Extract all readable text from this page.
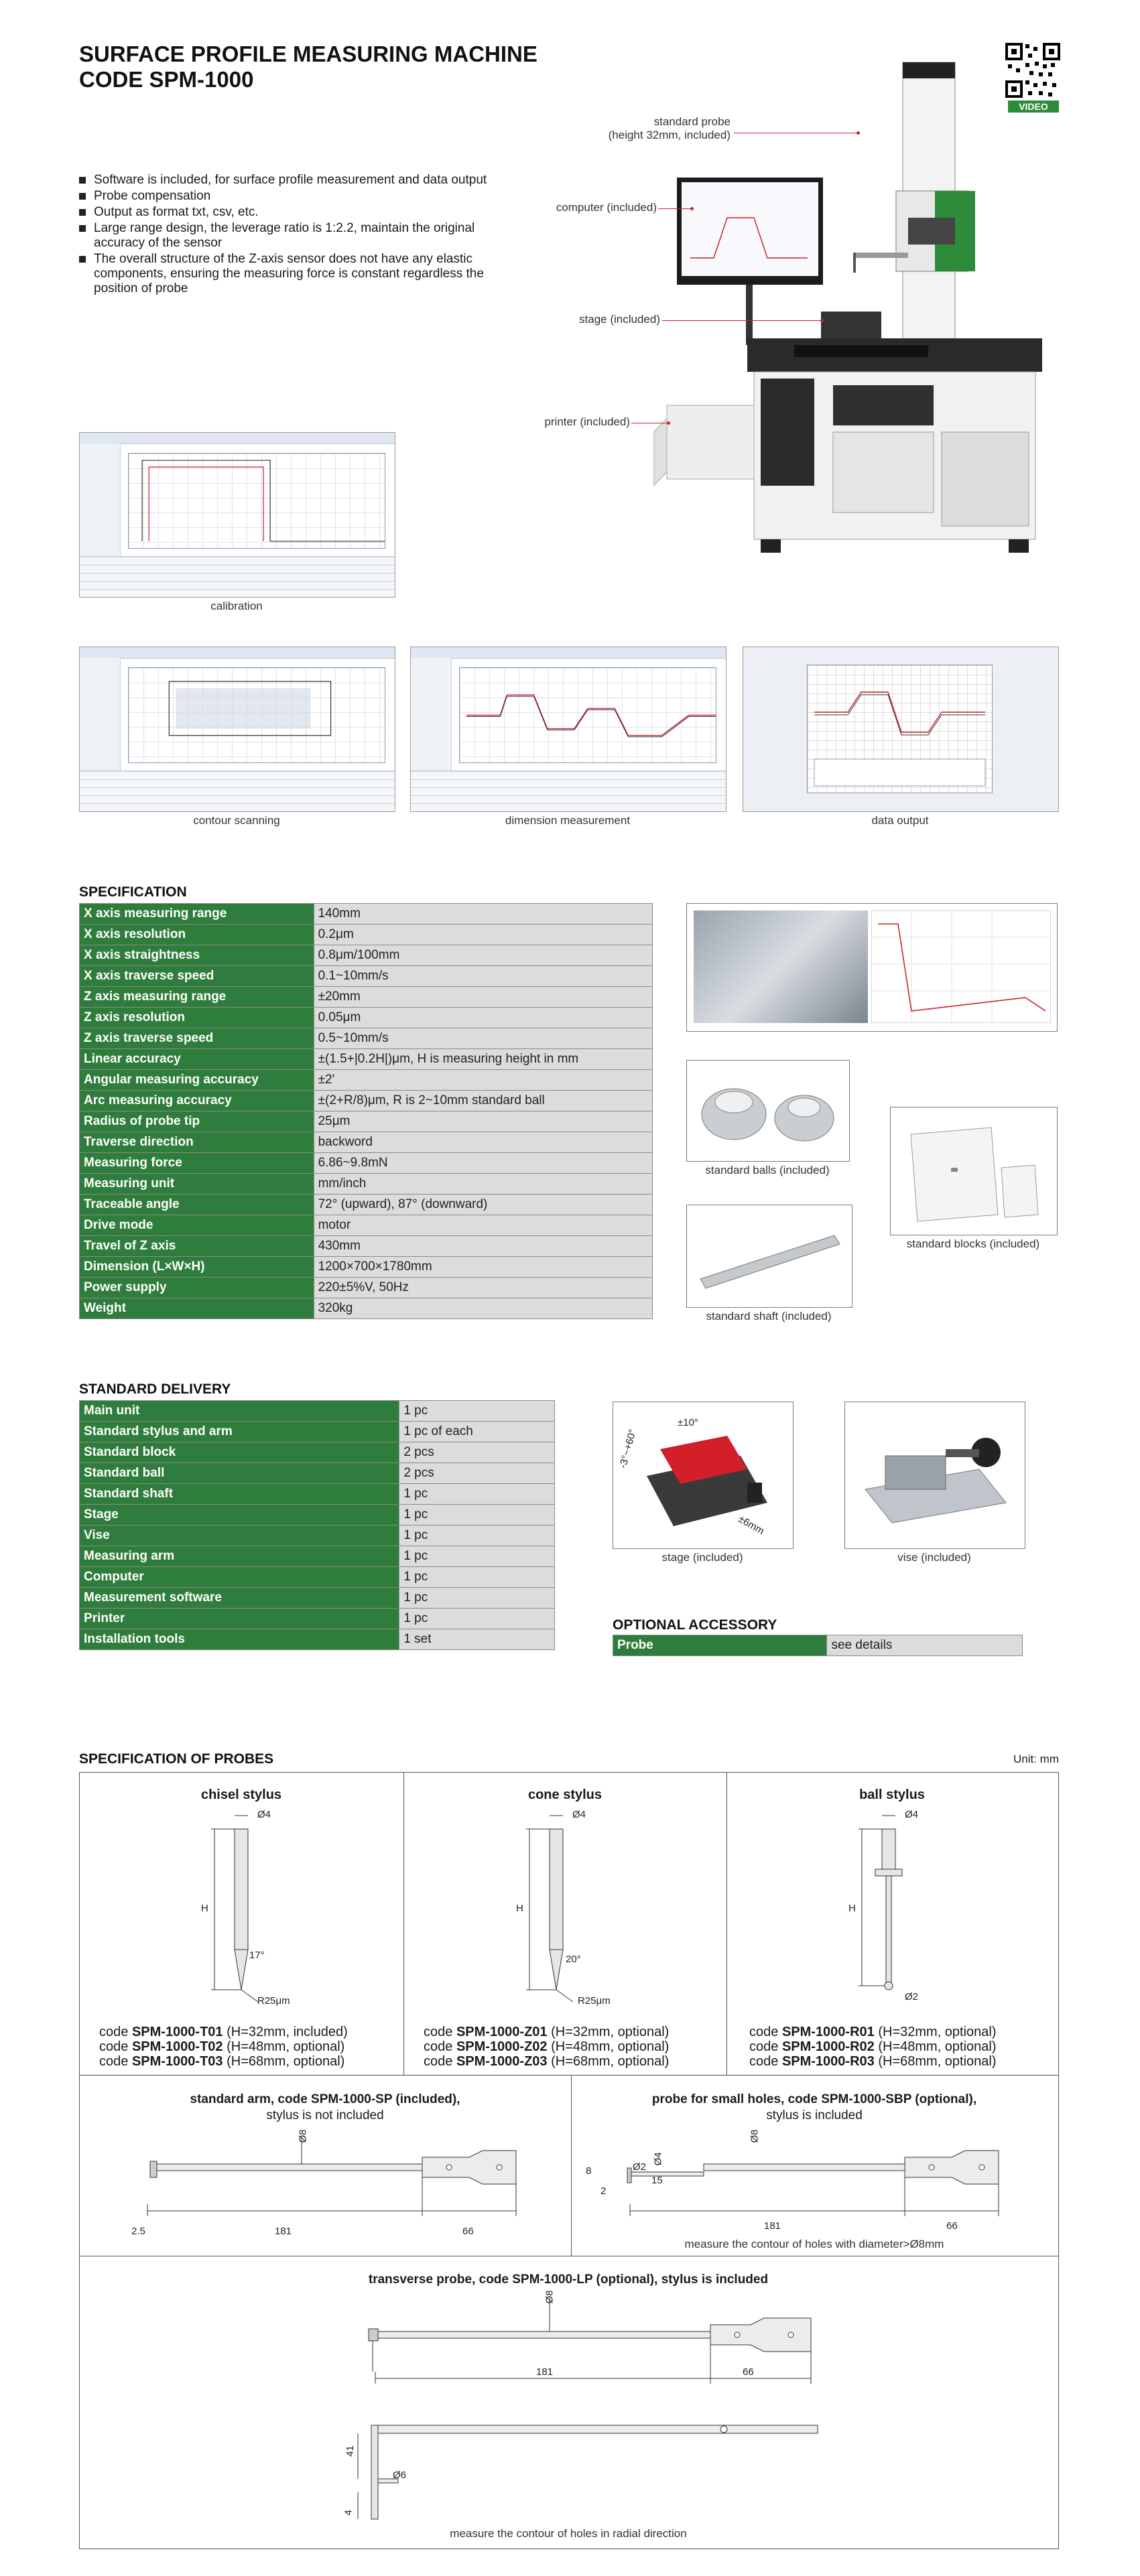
SURFACE PROFILE MEASURING MACHINE
CODE SPM-1000
VIDEO
Software is included, for surface profile measurement and data output
Probe compensation
Output as format txt, csv, etc.
Large range design, the leverage ratio is 1:2.2, maintain the original accuracy of the sensor
The overall structure of the Z-axis sensor does not have any elastic components, ensuring the measuring force is constant regardless the position of probe
standard probe
(height 32mm, included)
computer (included)
stage (included)
printer (included)
calibration
contour scanning	dimension measurement	data output
SPECIFICATION
X axis measuring range	140mm
X axis resolution	0.2μm
X axis straightness	0.8μm/100mm
X axis traverse speed	0.1~10mm/s
Z axis measuring range	±20mm
Z axis resolution	0.05μm
Z axis traverse speed	0.5~10mm/s
Linear accuracy	±(1.5+|0.2H|)μm, H is measuring height in mm
Angular measuring accuracy	±2'
Arc measuring accuracy	±(2+R/8)μm, R is 2~10mm standard ball
Radius of probe tip	25μm
Traverse direction	backword
Measuring force	6.86~9.8mN
Measuring unit	mm/inch
Traceable angle	72° (upward), 87° (downward)
Drive mode	motor
Travel of Z axis	430mm
Dimension (L×W×H)	1200×700×1780mm
Power supply	220±5%V, 50Hz
Weight	320kg
standard balls (included)
standard blocks (included)
standard shaft (included)
STANDARD DELIVERY
Main unit	1 pc
Standard stylus and arm	1 pc of each
Standard block	2 pcs
Standard ball	2 pcs
Standard shaft	1 pc
Stage	1 pc
Vise	1 pc
Measuring arm	1 pc
Computer	1 pc
Measurement software	1 pc
Printer	1 pc
Installation tools	1 set
±10°
-3°~+60°
±6mm
stage (included)	vise (included)
OPTIONAL ACCESSORY
Probe	see details
SPECIFICATION OF PROBES	Unit: mm
chisel stylus
Ø4
H
17°
R25μm
code SPM-1000-T01 (H=32mm, included)
code SPM-1000-T02 (H=48mm, optional)
code SPM-1000-T03 (H=68mm, optional)
cone stylus
Ø4
H
20°
R25μm
code SPM-1000-Z01 (H=32mm, optional)
code SPM-1000-Z02 (H=48mm, optional)
code SPM-1000-Z03 (H=68mm, optional)
ball stylus
Ø4
H
Ø2
code SPM-1000-R01 (H=32mm, optional)
code SPM-1000-R02 (H=48mm, optional)
code SPM-1000-R03 (H=68mm, optional)
standard arm, code SPM-1000-SP (included),
stylus is not included
Ø8
2.5	181	66
probe for small holes, code SPM-1000-SBP (optional),
stylus is included
Ø8
8	Ø2
Ø4
2
15
181	66
measure the contour of holes with diameter>Ø8mm
transverse probe, code SPM-1000-LP (optional), stylus is included
Ø8
181	66
41
Ø6
4
measure the contour of holes in radial direction
